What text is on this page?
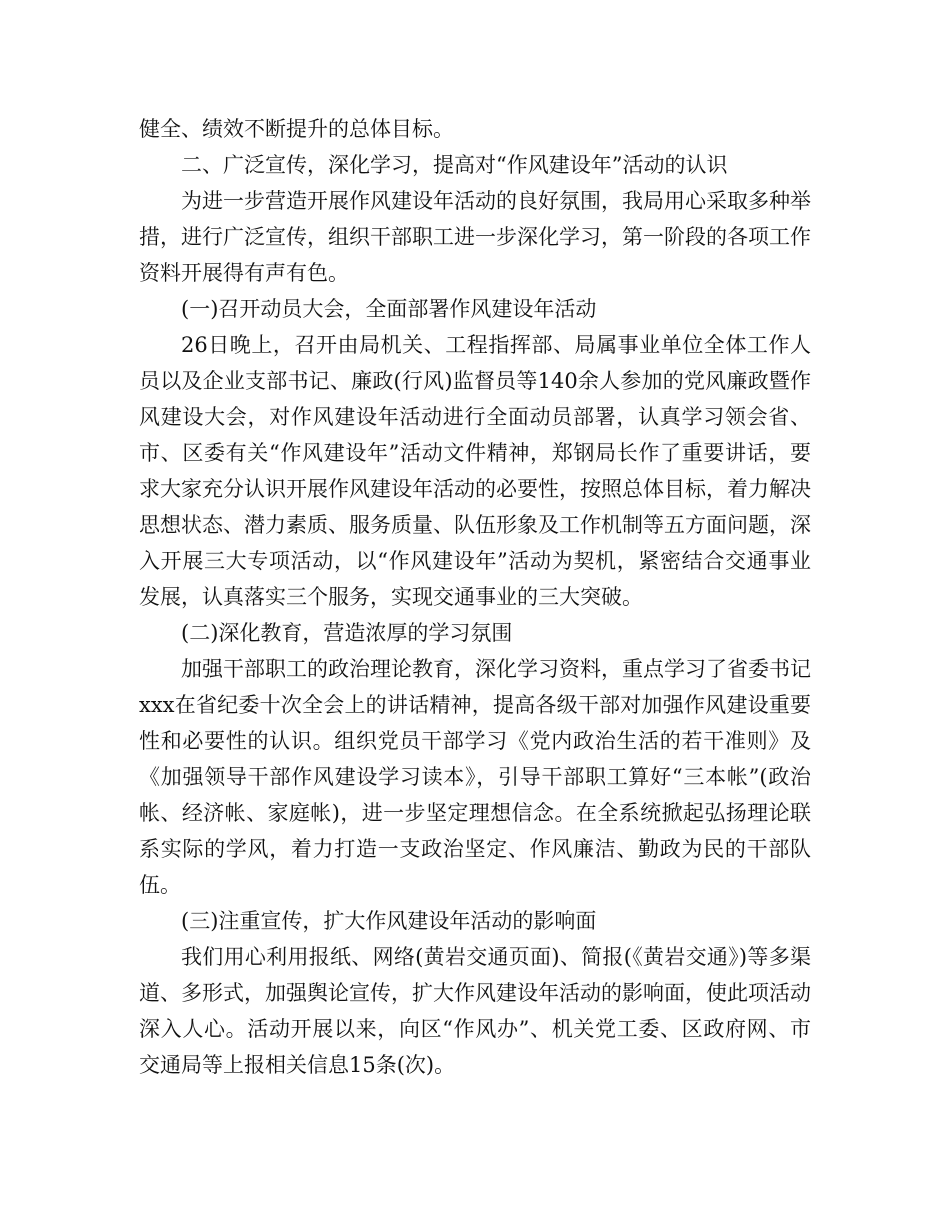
健全、绩效不断提升的总体目标。

二、广泛宣传，深化学习，提高对“作风建设年”活动的认识

为进一步营造开展作风建设年活动的良好氛围，我局用心采取多种举措，进行广泛宣传，组织干部职工进一步深化学习，第一阶段的各项工作资料开展得有声有色。

(一)召开动员大会，全面部署作风建设年活动

26日晚上，召开由局机关、工程指挥部、局属事业单位全体工作人员以及企业支部书记、廉政(行风)监督员等140余人参加的党风廉政暨作风建设大会，对作风建设年活动进行全面动员部署，认真学习领会省、市、区委有关“作风建设年”活动文件精神，郑钢局长作了重要讲话，要求大家充分认识开展作风建设年活动的必要性，按照总体目标，着力解决思想状态、潜力素质、服务质量、队伍形象及工作机制等五方面问题，深入开展三大专项活动，以“作风建设年”活动为契机，紧密结合交通事业发展，认真落实三个服务，实现交通事业的三大突破。

(二)深化教育，营造浓厚的学习氛围

加强干部职工的政治理论教育，深化学习资料，重点学习了省委书记xxx在省纪委十次全会上的讲话精神，提高各级干部对加强作风建设重要性和必要性的认识。组织党员干部学习《党内政治生活的若干准则》及《加强领导干部作风建设学习读本》，引导干部职工算好“三本帐”(政治帐、经济帐、家庭帐)，进一步坚定理想信念。在全系统掀起弘扬理论联系实际的学风，着力打造一支政治坚定、作风廉洁、勤政为民的干部队伍。

(三)注重宣传，扩大作风建设年活动的影响面

我们用心利用报纸、网络(黄岩交通页面)、简报(《黄岩交通》)等多渠道、多形式，加强舆论宣传，扩大作风建设年活动的影响面，使此项活动深入人心。活动开展以来，向区“作风办”、机关党工委、区政府网、市交通局等上报相关信息15条(次)。
